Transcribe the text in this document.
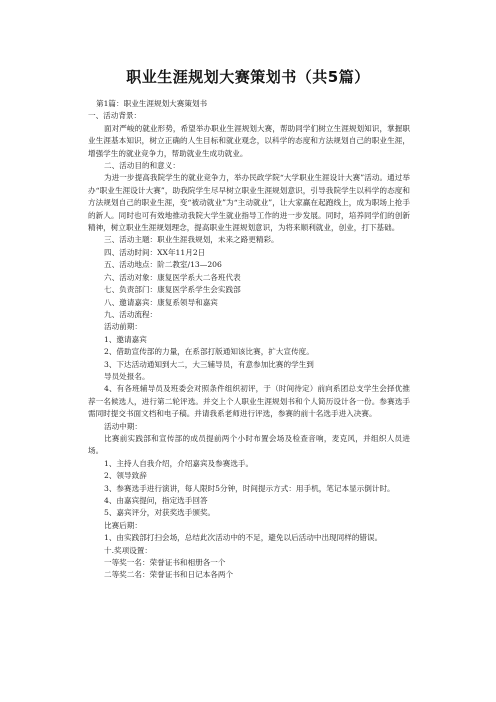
职业生涯规划大赛策划书（共5篇）
第1篇：职业生涯规划大赛策划书
一、活动背景：
面对严峻的就业形势，希望举办职业生涯规划大赛，帮助同学们树立生涯规划知识，掌握职业生涯基本知识，树立正确的人生目标和就业观念，以科学的态度和方法规划自己的职业生涯，增强学生的就业竞争力，帮助就业生成功就业。
二、活动目的和意义：
为进一步提高我院学生的就业竞争力，举办民政学院“大学职业生涯设计大赛”活动。通过举办“职业生涯设计大赛”，助我院学生尽早树立职业生涯规划意识，引导我院学生以科学的态度和方法规划自己的职业生涯，变“被动就业”为“主动就业”，让大家赢在起跑线上，成为职场上抢手的新人。同时也可有效地推动我院大学生就业指导工作的进一步发展。同时，培养同学们的创新精神，树立职业生涯规划理念，提高职业生涯规划意识，为将来顺利就业，创业，打下基础。
三、活动主题：职业生涯我规划，未来之路更精彩。
四、活动时间：XX年11月2日
五、活动地点：阶二教室/13—206
六、活动对象：康复医学系大二各班代表
七、负责部门：康复医学系学生会实践部
八、邀请嘉宾：康复系领导和嘉宾
九、活动流程：
活动前期：
1、邀请嘉宾
2、借助宣传部的力量，在系部打版通知该比赛，扩大宣传度。
3、下达活动通知到大二，大三辅导员，有意参加比赛的学生到
导员处报名。
4、有各班辅导员及班委会对照条件组织初评，于（时间待定）前向系团总支学生会择优推荐一名候选人，进行第二轮评选。并交上个人职业生涯规划书和个人简历设计各一份。参赛选手需同时提交书面文档和电子稿。并请我系老师进行评选，参赛的前十名选手进入决赛。
活动中期：
比赛前实践部和宣传部的成员提前两个小时布置会场及检查音响，麦克风，并组织人员进场。
1、主持人自我介绍，介绍嘉宾及参赛选手。
2、领导致辞
3、参赛选手进行演讲，每人限时5分钟，时间提示方式：用手机，笔记本显示倒计时。
4、由嘉宾提问，指定选手回答
5、嘉宾评分，对获奖选手颁奖。
比赛后期：
1、由实践部打扫会场，总结此次活动中的不足，避免以后活动中出现同样的错误。
十.奖项设置：
一等奖一名：荣誉证书和相册各一个
二等奖二名：荣誉证书和日记本各两个
